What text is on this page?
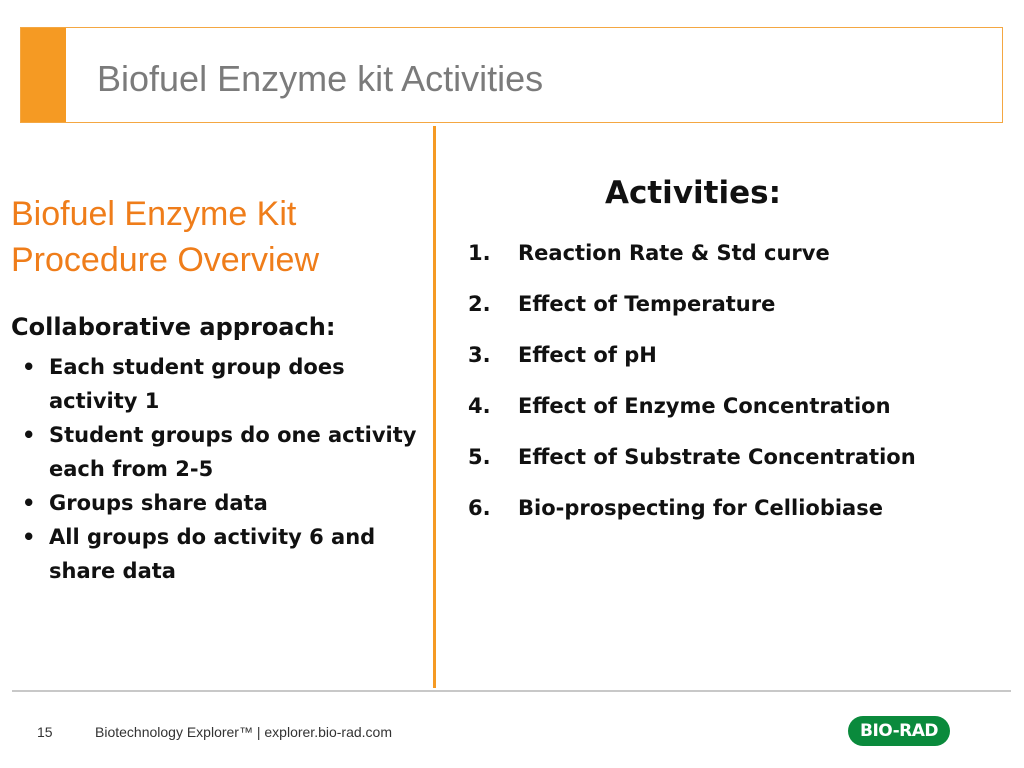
Biofuel Enzyme kit Activities
Biofuel Enzyme Kit
Procedure Overview
Collaborative approach:
• Each student group does activity 1
• Student groups do one activity each from 2-5
• Groups share data
• All groups do activity 6 and share data
Activities:
1. Reaction Rate & Std curve
2. Effect of Temperature
3. Effect of pH
4. Effect of Enzyme Concentration
5. Effect of Substrate Concentration
6. Bio-prospecting for Celliobiase
15	Biotechnology Explorer™ | explorer.bio-rad.com	BIO-RAD
